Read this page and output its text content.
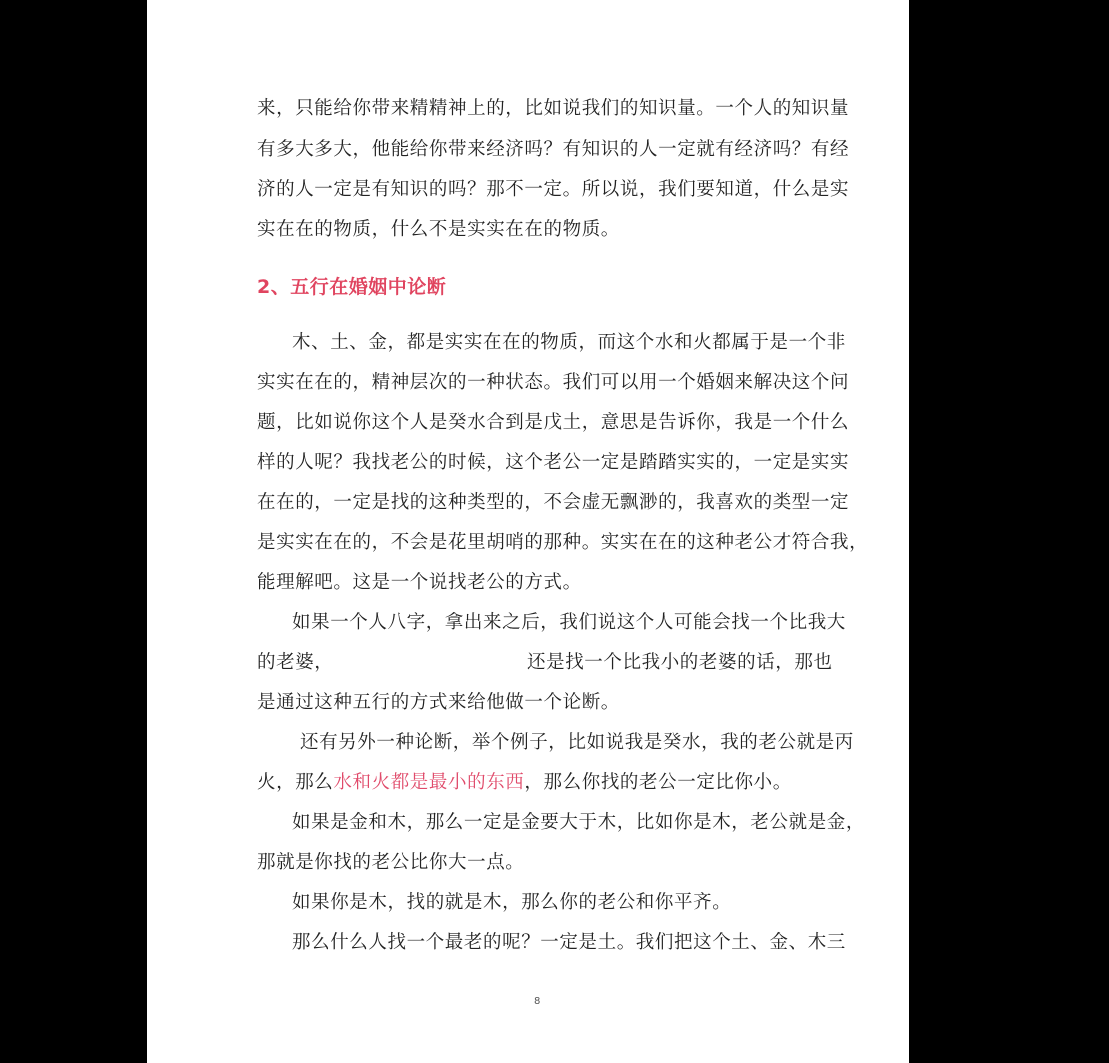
来，只能给你带来精精神上的，比如说我们的知识量。一个人的知识量
有多大多大，他能给你带来经济吗？有知识的人一定就有经济吗？有经
济的人一定是有知识的吗？那不一定。所以说，我们要知道，什么是实
实在在的物质，什么不是实实在在的物质。
2、五行在婚姻中论断
木、土、金，都是实实在在的物质，而这个水和火都属于是一个非
实实在在的，精神层次的一种状态。我们可以用一个婚姻来解决这个问
题，比如说你这个人是癸水合到是戊土，意思是告诉你，我是一个什么
样的人呢？我找老公的时候，这个老公一定是踏踏实实的，一定是实实
在在的，一定是找的这种类型的，不会虚无飘渺的，我喜欢的类型一定
是实实在在的，不会是花里胡哨的那种。实实在在的这种老公才符合我，
能理解吧。这是一个说找老公的方式。
如果一个人八字，拿出来之后，我们说这个人可能会找一个比我大
的老婆，	还是找一个比我小的老婆的话，那也
是通过这种五行的方式来给他做一个论断。
还有另外一种论断，举个例子，比如说我是癸水，我的老公就是丙
火，那么水和火都是最小的东西，那么你找的老公一定比你小。
如果是金和木，那么一定是金要大于木，比如你是木，老公就是金，
那就是你找的老公比你大一点。
如果你是木，找的就是木，那么你的老公和你平齐。
那么什么人找一个最老的呢？一定是土。我们把这个土、金、木三
8
